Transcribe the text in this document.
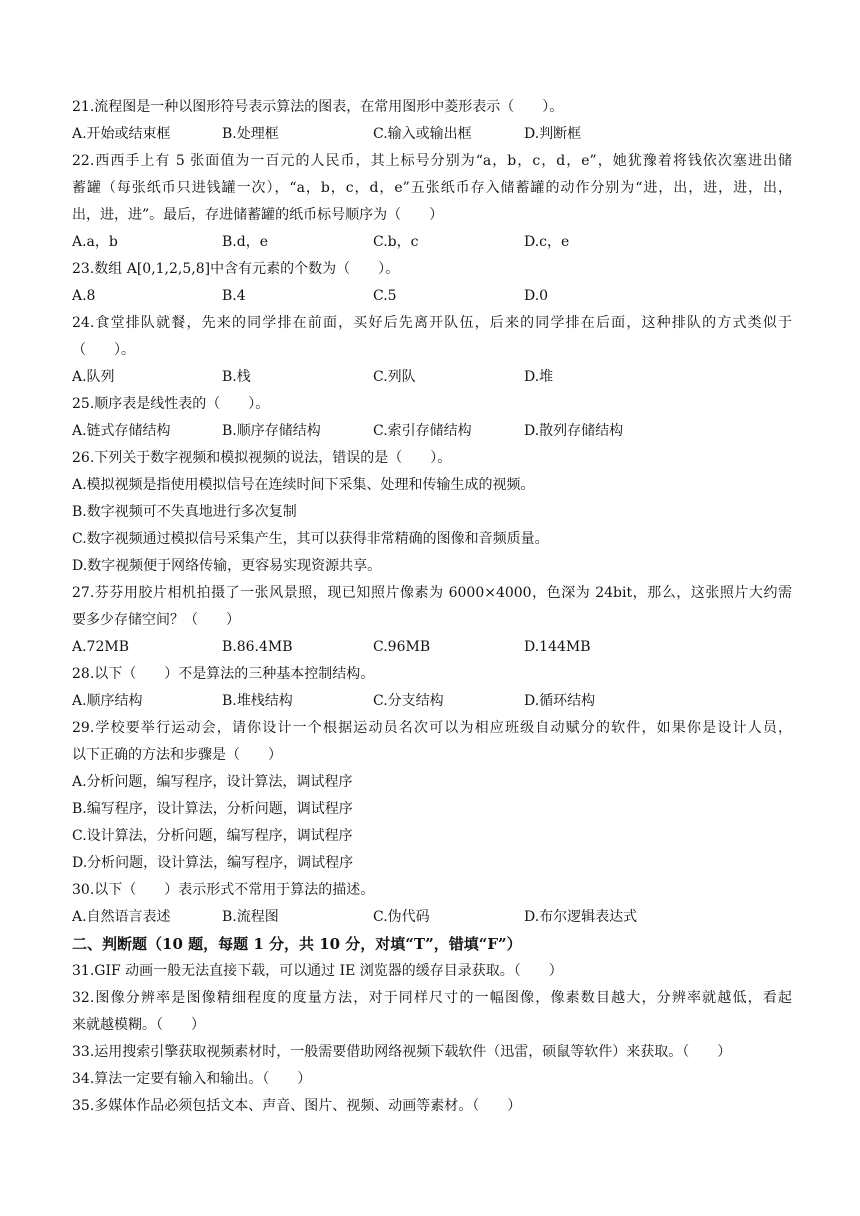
21.流程图是一种以图形符号表示算法的图表，在常用图形中菱形表示（　　）。
A.开始或结束框	B.处理框	C.输入或输出框	D.判断框
22.西西手上有 5 张面值为一百元的人民币，其上标号分别为“a，b，c，d，e”，她犹豫着将钱依次塞进出储
蓄罐（每张纸币只进钱罐一次），“a，b，c，d，e”五张纸币存入储蓄罐的动作分别为“进，出，进，进，出，
出，进，进”。最后，存进储蓄罐的纸币标号顺序为（　　）
A.a，b	B.d，e	C.b，c	D.c，e
23.数组 A[0,1,2,5,8]中含有元素的个数为（　　）。
A.8	B.4	C.5	D.0
24.食堂排队就餐，先来的同学排在前面，买好后先离开队伍，后来的同学排在后面，这种排队的方式类似于
（　　）。
A.队列	B.栈	C.列队	D.堆
25.顺序表是线性表的（　　）。
A.链式存储结构	B.顺序存储结构	C.索引存储结构	D.散列存储结构
26.下列关于数字视频和模拟视频的说法，错误的是（　　）。
A.模拟视频是指使用模拟信号在连续时间下采集、处理和传输生成的视频。
B.数字视频可不失真地进行多次复制
C.数字视频通过模拟信号采集产生，其可以获得非常精确的图像和音频质量。
D.数字视频便于网络传输，更容易实现资源共享。
27.芬芬用胶片相机拍摄了一张风景照，现已知照片像素为 6000×4000，色深为 24bit，那么，这张照片大约需
要多少存储空间？（　　）
A.72MB	B.86.4MB	C.96MB	D.144MB
28.以下（　　）不是算法的三种基本控制结构。
A.顺序结构	B.堆栈结构	C.分支结构	D.循环结构
29.学校要举行运动会，请你设计一个根据运动员名次可以为相应班级自动赋分的软件，如果你是设计人员，
以下正确的方法和步骤是（　　）
A.分析问题，编写程序，设计算法，调试程序
B.编写程序，设计算法，分析问题，调试程序
C.设计算法，分析问题，编写程序，调试程序
D.分析问题，设计算法，编写程序，调试程序
30.以下（　　）表示形式不常用于算法的描述。
A.自然语言表述	B.流程图	C.伪代码	D.布尔逻辑表达式
二、判断题（10 题，每题 1 分，共 10 分，对填“T”，错填“F”）
31.GIF 动画一般无法直接下载，可以通过 IE 浏览器的缓存目录获取。（　　）
32.图像分辨率是图像精细程度的度量方法，对于同样尺寸的一幅图像，像素数目越大，分辨率就越低，看起
来就越模糊。（　　）
33.运用搜索引擎获取视频素材时，一般需要借助网络视频下载软件（迅雷，硕鼠等软件）来获取。（　　）
34.算法一定要有输入和输出。（　　）
35.多媒体作品必须包括文本、声音、图片、视频、动画等素材。（　　）
